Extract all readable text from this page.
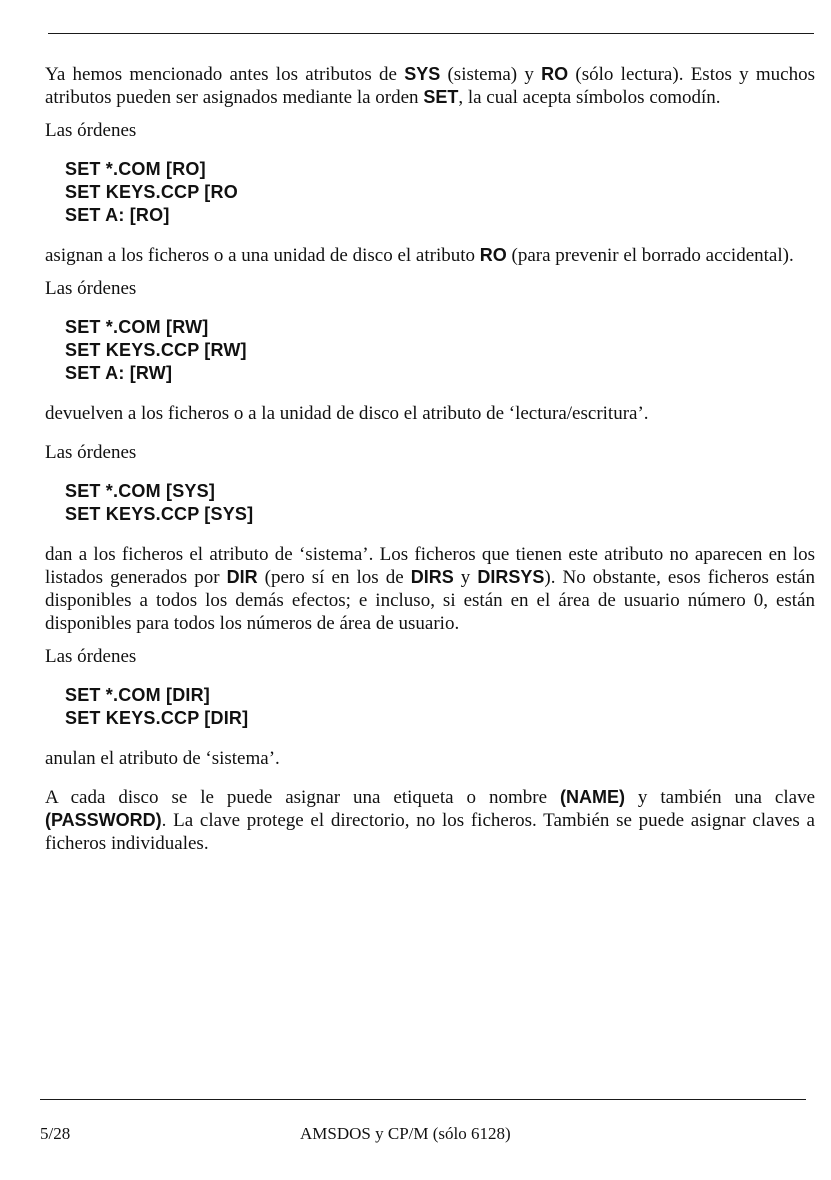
Ya hemos mencionado antes los atributos de SYS (sistema) y RO (sólo lectura). Estos y muchos atributos pueden ser asignados mediante la orden SET, la cual acepta símbolos comodín.

Las órdenes

SET *.COM [RO]
SET KEYS.CCP [RO
SET A: [RO]

asignan a los ficheros o a una unidad de disco el atributo RO (para prevenir el borrado accidental).

Las órdenes

SET *.COM [RW]
SET KEYS.CCP [RW]
SET A: [RW]

devuelven a los ficheros o a la unidad de disco el atributo de ‘lectura/escritura’.

Las órdenes

SET *.COM [SYS]
SET KEYS.CCP [SYS]

dan a los ficheros el atributo de ‘sistema’. Los ficheros que tienen este atributo no aparecen en los listados generados por DIR (pero sí en los de DIRS y DIRSYS). No obstante, esos ficheros están disponibles a todos los demás efectos; e incluso, si están en el área de usuario número 0, están disponibles para todos los números de área de usuario.

Las órdenes

SET *.COM [DIR]
SET KEYS.CCP [DIR]

anulan el atributo de ‘sistema’.

A cada disco se le puede asignar una etiqueta o nombre (NAME) y también una clave (PASSWORD). La clave protege el directorio, no los ficheros. También se puede asignar claves a ficheros individuales.

5/28	AMSDOS y CP/M (sólo 6128)
